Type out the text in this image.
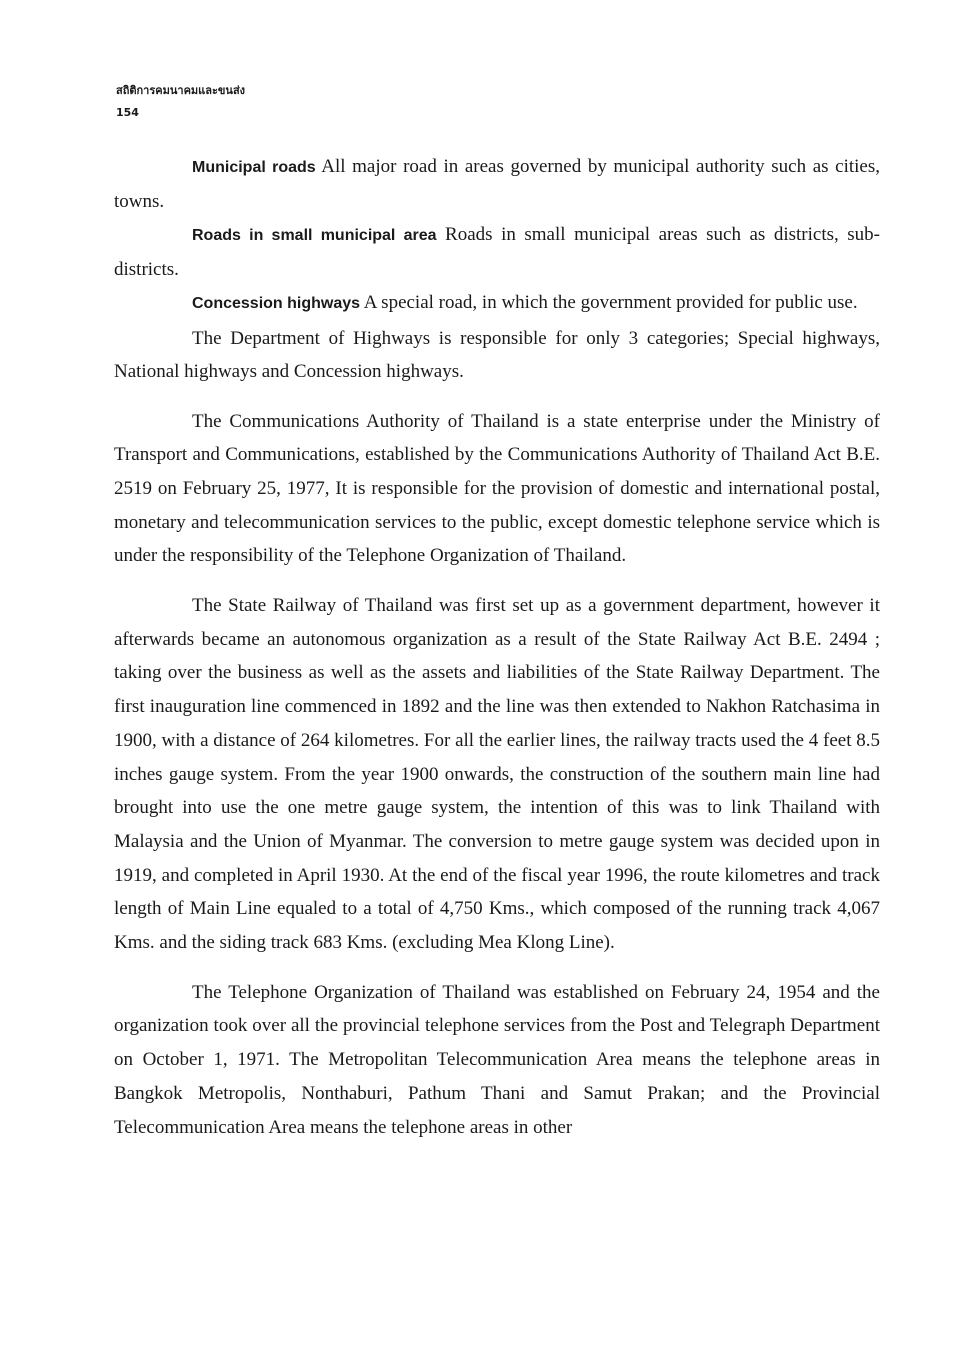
สถิติการคมนาคมและขนส่ง
154

Municipal roads All major road in areas governed by municipal authority such as cities, towns.

Roads in small municipal area Roads in small municipal areas such as districts, sub-districts.

Concession highways A special road, in which the government provided for public use.

The Department of Highways is responsible for only 3 categories; Special highways, National highways and Concession highways.

The Communications Authority of Thailand is a state enterprise under the Ministry of Transport and Communications, established by the Communications Authority of Thailand Act B.E. 2519 on February 25, 1977, It is responsible for the provision of domestic and international postal, monetary and telecommunication services to the public, except domestic telephone service which is under the responsibility of the Telephone Organization of Thailand.

The State Railway of Thailand was first set up as a government department, however it afterwards became an autonomous organization as a result of the State Railway Act B.E. 2494 ; taking over the business as well as the assets and liabilities of the State Railway Department. The first inauguration line commenced in 1892 and the line was then extended to Nakhon Ratchasima in 1900, with a distance of 264 kilometres. For all the earlier lines, the railway tracts used the 4 feet 8.5 inches gauge system. From the year 1900 onwards, the construction of the southern main line had brought into use the one metre gauge system, the intention of this was to link Thailand with Malaysia and the Union of Myanmar. The conversion to metre gauge system was decided upon in 1919, and completed in April 1930. At the end of the fiscal year 1996, the route kilometres and track length of Main Line equaled to a total of 4,750 Kms., which composed of the running track 4,067 Kms. and the siding track 683 Kms. (excluding Mea Klong Line).

The Telephone Organization of Thailand was established on February 24, 1954 and the organization took over all the provincial telephone services from the Post and Telegraph Department on October 1, 1971. The Metropolitan Telecommunication Area means the telephone areas in Bangkok Metropolis, Nonthaburi, Pathum Thani and Samut Prakan; and the Provincial Telecommunication Area means the telephone areas in other
